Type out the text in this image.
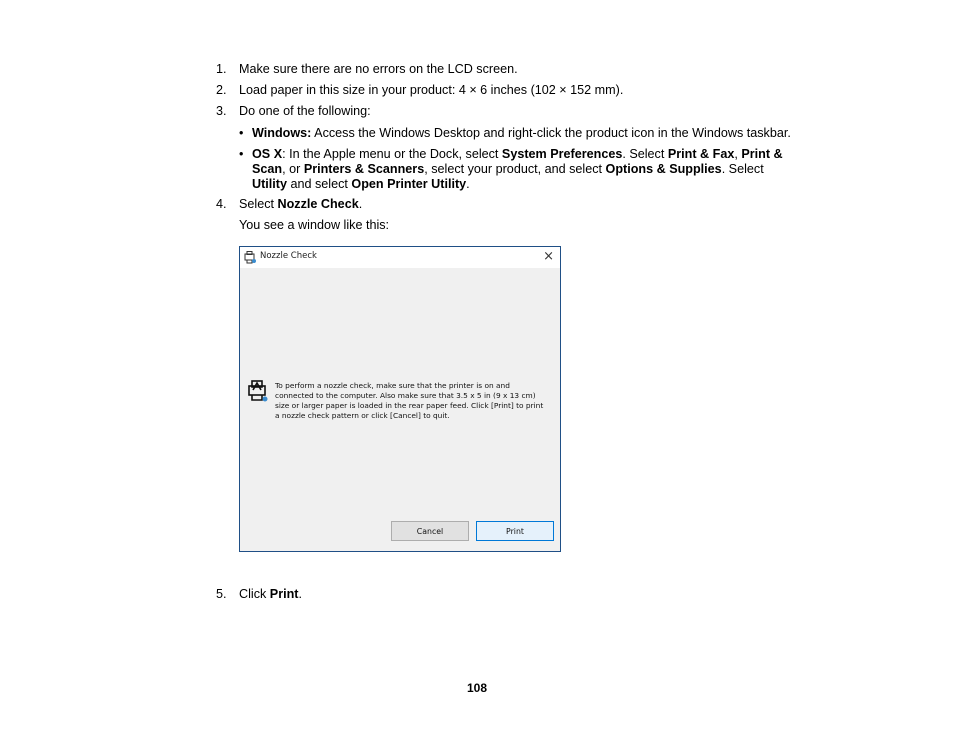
1. Make sure there are no errors on the LCD screen.
2. Load paper in this size in your product: 4 × 6 inches (102 × 152 mm).
3. Do one of the following:
• Windows: Access the Windows Desktop and right-click the product icon in the Windows taskbar.
• OS X: In the Apple menu or the Dock, select System Preferences. Select Print & Fax, Print &
Scan, or Printers & Scanners, select your product, and select Options & Supplies. Select
Utility and select Open Printer Utility.
4. Select Nozzle Check.
You see a window like this:
Nozzle Check	×
To perform a nozzle check, make sure that the printer is on and connected to the computer. Also make sure that 3.5 x 5 in (9 x 13 cm) size or larger paper is loaded in the rear paper feed. Click [Print] to print a nozzle check pattern or click [Cancel] to quit.
Cancel	Print
5. Click Print.
108
